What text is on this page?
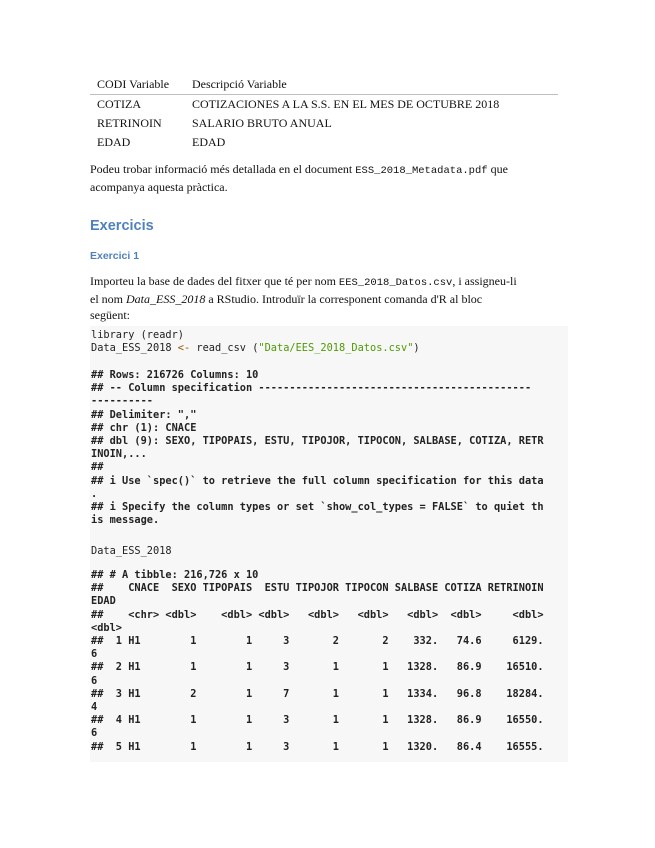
CODI Variable	Descripció Variable
COTIZA	COTIZACIONES A LA S.S. EN EL MES DE OCTUBRE 2018
RETRINOIN	SALARIO BRUTO ANUAL
EDAD	EDAD
Podeu trobar informació més detallada en el document ESS_2018_Metadata.pdf que
acompanya aquesta pràctica.
Exercicis
Exercici 1
Importeu la base de dades del fitxer que té per nom EES_2018_Datos.csv, i assigneu-li
el nom Data_ESS_2018 a RStudio. Introduïr la corresponent comanda d'R al bloc
següent:
library (readr)
Data_ESS_2018 <- read_csv ("Data/EES_2018_Datos.csv")
## Rows: 216726 Columns: 10
## -- Column specification --------------------------------------------
----------
## Delimiter: ","
## chr (1): CNACE
## dbl (9): SEXO, TIPOPAIS, ESTU, TIPOJOR, TIPOCON, SALBASE, COTIZA, RETR
INOIN,...
##
## i Use `spec()` to retrieve the full column specification for this data
.
## i Specify the column types or set `show_col_types = FALSE` to quiet th
is message.
Data_ESS_2018
## # A tibble: 216,726 x 10
##    CNACE  SEXO TIPOPAIS  ESTU TIPOJOR TIPOCON SALBASE COTIZA RETRINOIN
EDAD
##    <chr> <dbl>    <dbl> <dbl>   <dbl>   <dbl>   <dbl>  <dbl>     <dbl>
<dbl>
##  1 H1        1        1     3       2       2    332.   74.6     6129.
6
##  2 H1        1        1     3       1       1   1328.   86.9    16510.
6
##  3 H1        2        1     7       1       1   1334.   96.8    18284.
4
##  4 H1        1        1     3       1       1   1328.   86.9    16550.
6
##  5 H1        1        1     3       1       1   1320.   86.4    16555.
